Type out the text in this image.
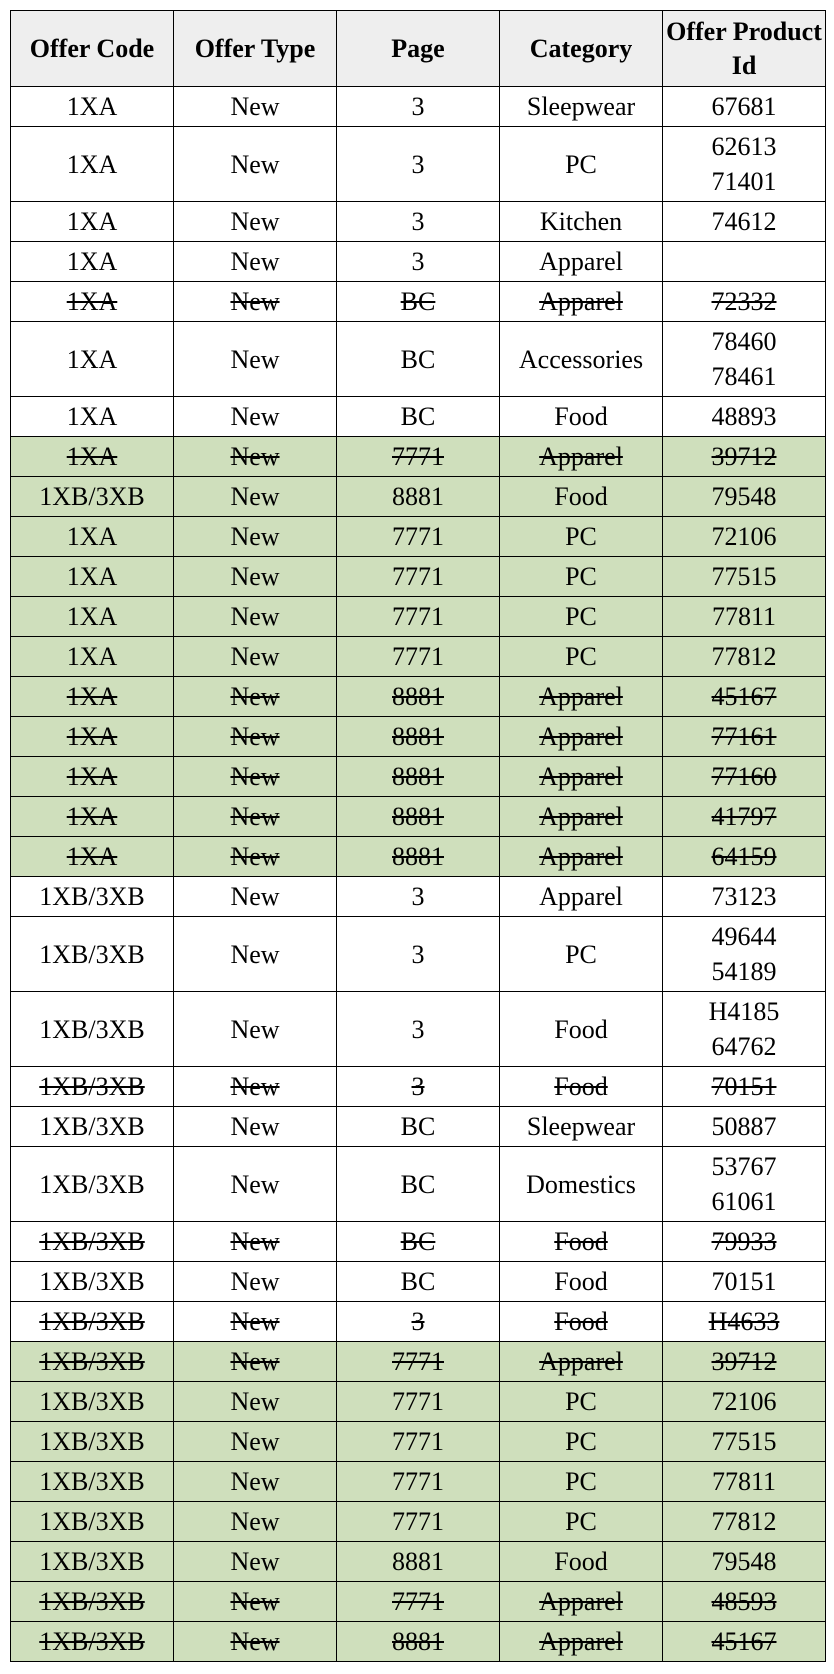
Offer Code	Offer Type	Page	Category	Offer Product Id
1XA	New	3	Sleepwear	67681

1XA	New	3	PC	62613
71401

1XA	New	3	Kitchen	74612

1XA	New	3	Apparel	

1XA	New	BC	Apparel	72332

1XA	New	BC	Accessories	78460
78461

1XA	New	BC	Food	48893

1XA	New	7771	Apparel	39712

1XB/3XB	New	8881	Food	79548

1XA	New	7771	PC	72106

1XA	New	7771	PC	77515

1XA	New	7771	PC	77811

1XA	New	7771	PC	77812

1XA	New	8881	Apparel	45167

1XA	New	8881	Apparel	77161

1XA	New	8881	Apparel	77160

1XA	New	8881	Apparel	41797

1XA	New	8881	Apparel	64159

1XB/3XB	New	3	Apparel	73123

1XB/3XB	New	3	PC	49644
54189

1XB/3XB	New	3	Food	H4185
64762

1XB/3XB	New	3	Food	70151

1XB/3XB	New	BC	Sleepwear	50887

1XB/3XB	New	BC	Domestics	53767
61061

1XB/3XB	New	BC	Food	79933

1XB/3XB	New	BC	Food	70151

1XB/3XB	New	3	Food	H4633

1XB/3XB	New	7771	Apparel	39712

1XB/3XB	New	7771	PC	72106

1XB/3XB	New	7771	PC	77515

1XB/3XB	New	7771	PC	77811

1XB/3XB	New	7771	PC	77812

1XB/3XB	New	8881	Food	79548

1XB/3XB	New	7771	Apparel	48593

1XB/3XB	New	8881	Apparel	45167
